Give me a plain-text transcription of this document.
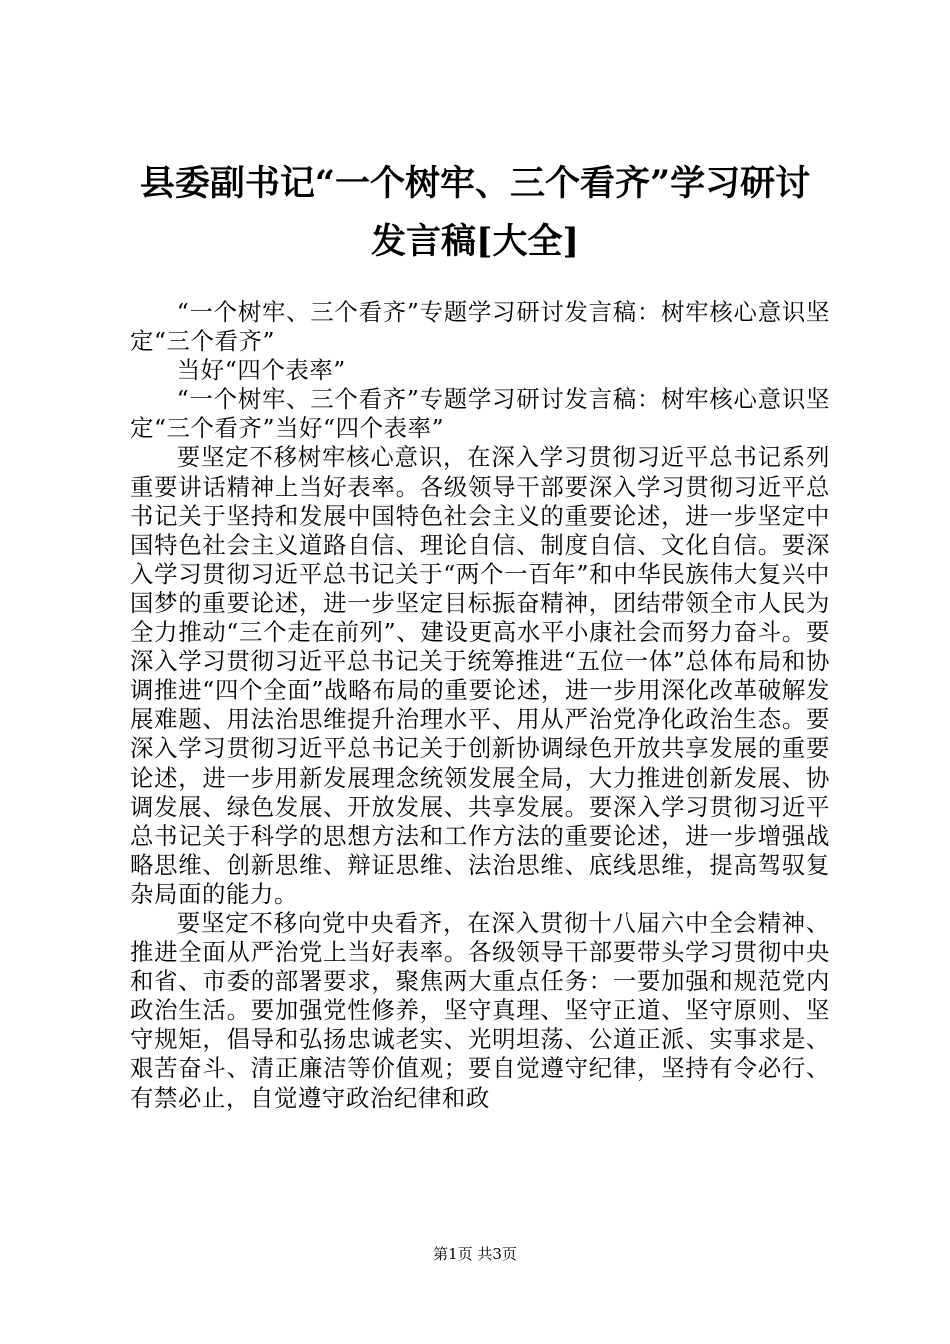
县委副书记“一个树牢、三个看齐”学习研讨
发言稿[大全]

“一个树牢、三个看齐”专题学习研讨发言稿：树牢核心意识坚定“三个看齐”

当好“四个表率”

“一个树牢、三个看齐”专题学习研讨发言稿：树牢核心意识坚定“三个看齐”当好“四个表率”

要坚定不移树牢核心意识，在深入学习贯彻习近平总书记系列重要讲话精神上当好表率。各级领导干部要深入学习贯彻习近平总书记关于坚持和发展中国特色社会主义的重要论述，进一步坚定中国特色社会主义道路自信、理论自信、制度自信、文化自信。要深入学习贯彻习近平总书记关于“两个一百年”和中华民族伟大复兴中国梦的重要论述，进一步坚定目标振奋精神，团结带领全市人民为全力推动“三个走在前列”、建设更高水平小康社会而努力奋斗。要深入学习贯彻习近平总书记关于统筹推进“五位一体”总体布局和协调推进“四个全面”战略布局的重要论述，进一步用深化改革破解发展难题、用法治思维提升治理水平、用从严治党净化政治生态。要深入学习贯彻习近平总书记关于创新协调绿色开放共享发展的重要论述，进一步用新发展理念统领发展全局，大力推进创新发展、协调发展、绿色发展、开放发展、共享发展。要深入学习贯彻习近平总书记关于科学的思想方法和工作方法的重要论述，进一步增强战略思维、创新思维、辩证思维、法治思维、底线思维，提高驾驭复杂局面的能力。

要坚定不移向党中央看齐，在深入贯彻十八届六中全会精神、推进全面从严治党上当好表率。各级领导干部要带头学习贯彻中央和省、市委的部署要求，聚焦两大重点任务：一要加强和规范党内政治生活。要加强党性修养，坚守真理、坚守正道、坚守原则、坚守规矩，倡导和弘扬忠诚老实、光明坦荡、公道正派、实事求是、艰苦奋斗、清正廉洁等价值观；要自觉遵守纪律，坚持有令必行、有禁必止，自觉遵守政治纪律和政

第1页 共3页
